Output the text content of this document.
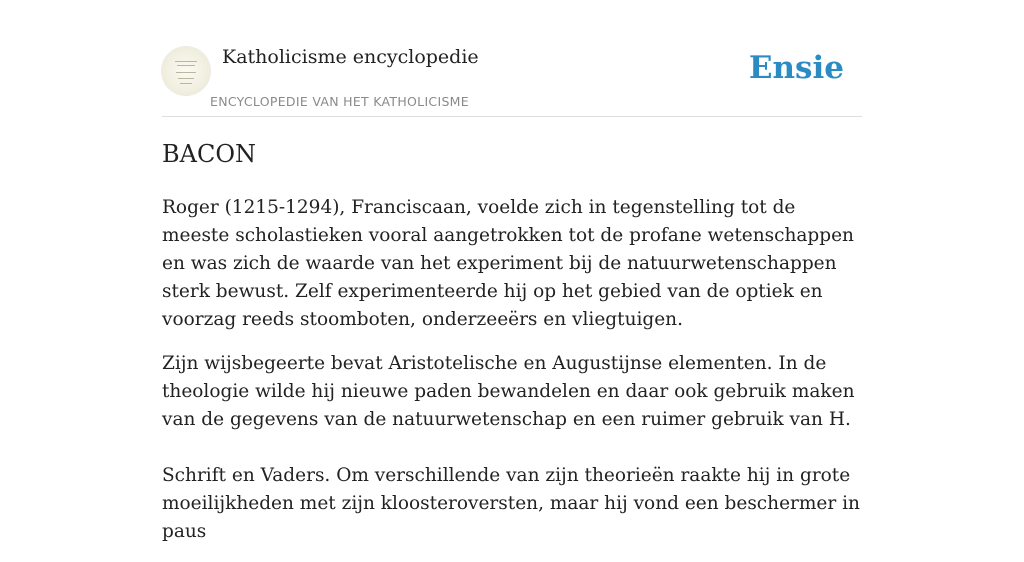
Katholicisme encyclopedie
ENCYCLOPEDIE VAN HET KATHOLICISME
Ensie
BACON

Roger (1215-1294), Franciscaan, voelde zich in tegenstelling tot de meeste scholastieken vooral aangetrokken tot de profane wetenschappen en was zich de waarde van het experiment bij de natuurwetenschappen sterk bewust. Zelf experimenteerde hij op het gebied van de optiek en voorzag reeds stoomboten, onderzeeërs en vliegtuigen.

Zijn wijsbegeerte bevat Aristotelische en Augustijnse elementen. In de theologie wilde hij nieuwe paden bewandelen en daar ook gebruik maken van de gegevens van de natuurwetenschap en een ruimer gebruik van H.

Schrift en Vaders. Om verschillende van zijn theorieën raakte hij in grote moeilijkheden met zijn kloosteroversten, maar hij vond een beschermer in paus
